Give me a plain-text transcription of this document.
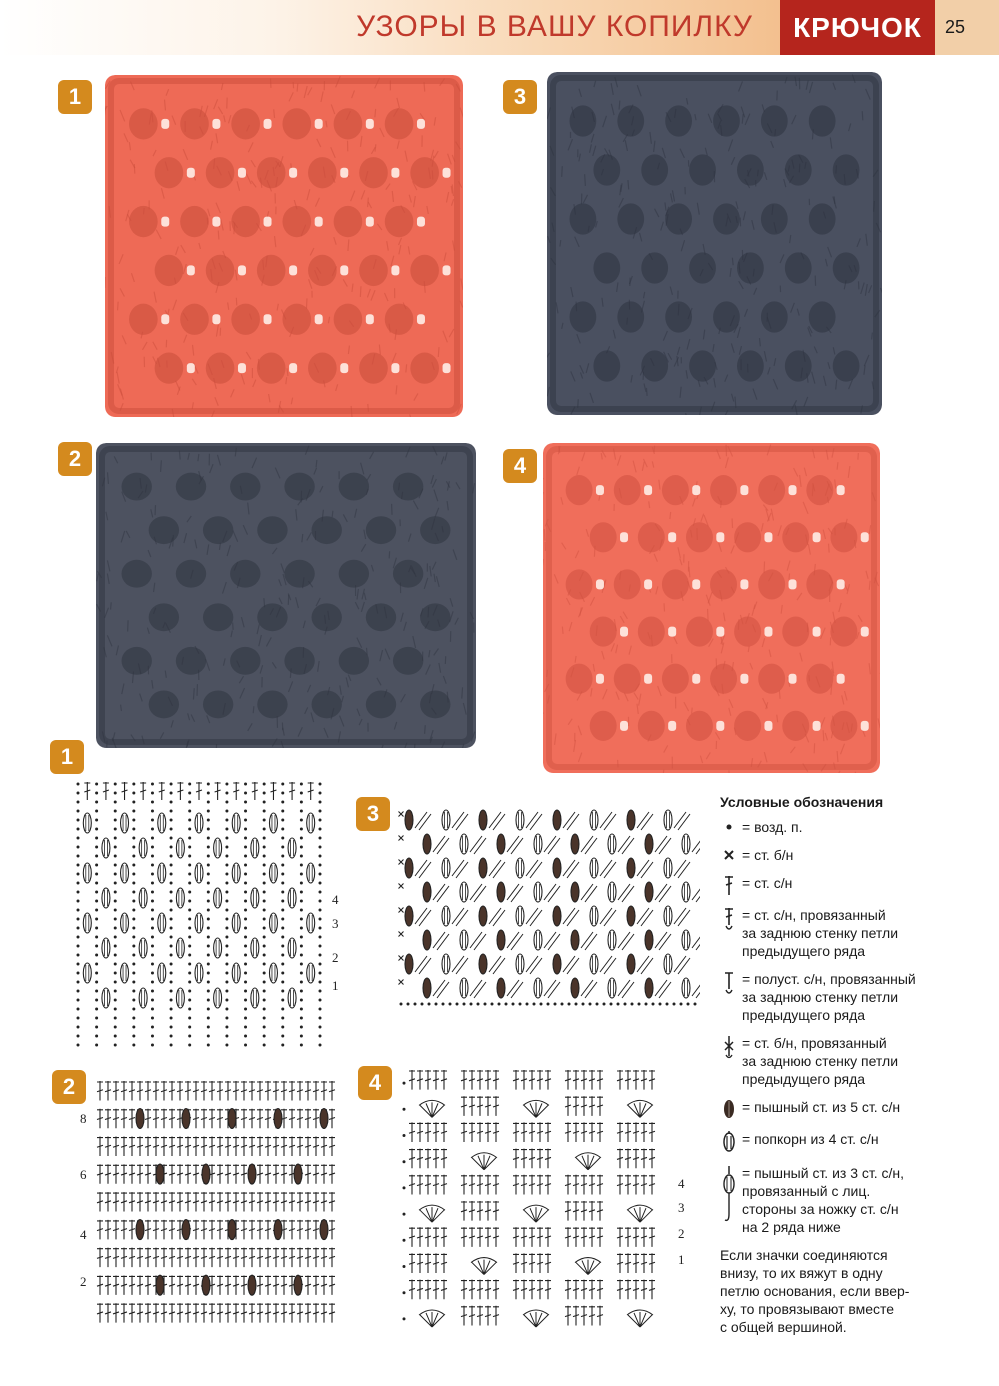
УЗОРЫ В ВАШУ КОПИЛКУ	КРЮЧОК	25
1	3
2	4
1
4
3
2
1
3
2
8
6
4
2
4
4
3
2
1
Условные обозначения
= возд. п.
= ст. б/н
= ст. с/н
= ст. с/н, провязанный
за заднюю стенку петли
предыдущего ряда
= полуст. с/н, провязанный
за заднюю стенку петли
предыдущего ряда
= ст. б/н, провязанный
за заднюю стенку петли
предыдущего ряда
= пышный ст. из 5 ст. с/н
= попкорн из 4 ст. с/н
= пышный ст. из 3 ст. с/н,
провязанный с лиц.
стороны за ножку ст. с/н
на 2 ряда ниже
Если значки соединяются
внизу, то их вяжут в одну
петлю основания, если ввер-
ху, то провязывают вместе
с общей вершиной.
